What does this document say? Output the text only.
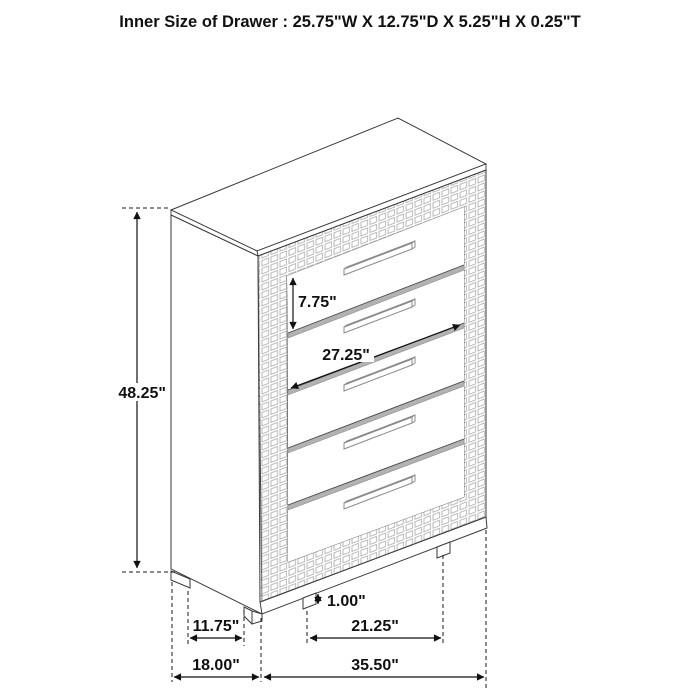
48.25"
7.75"
27.25"
1.00"
11.75"	21.25"
18.00"	35.50"
Inner Size of Drawer : 25.75"W X 12.75"D X 5.25"H X 0.25"T
